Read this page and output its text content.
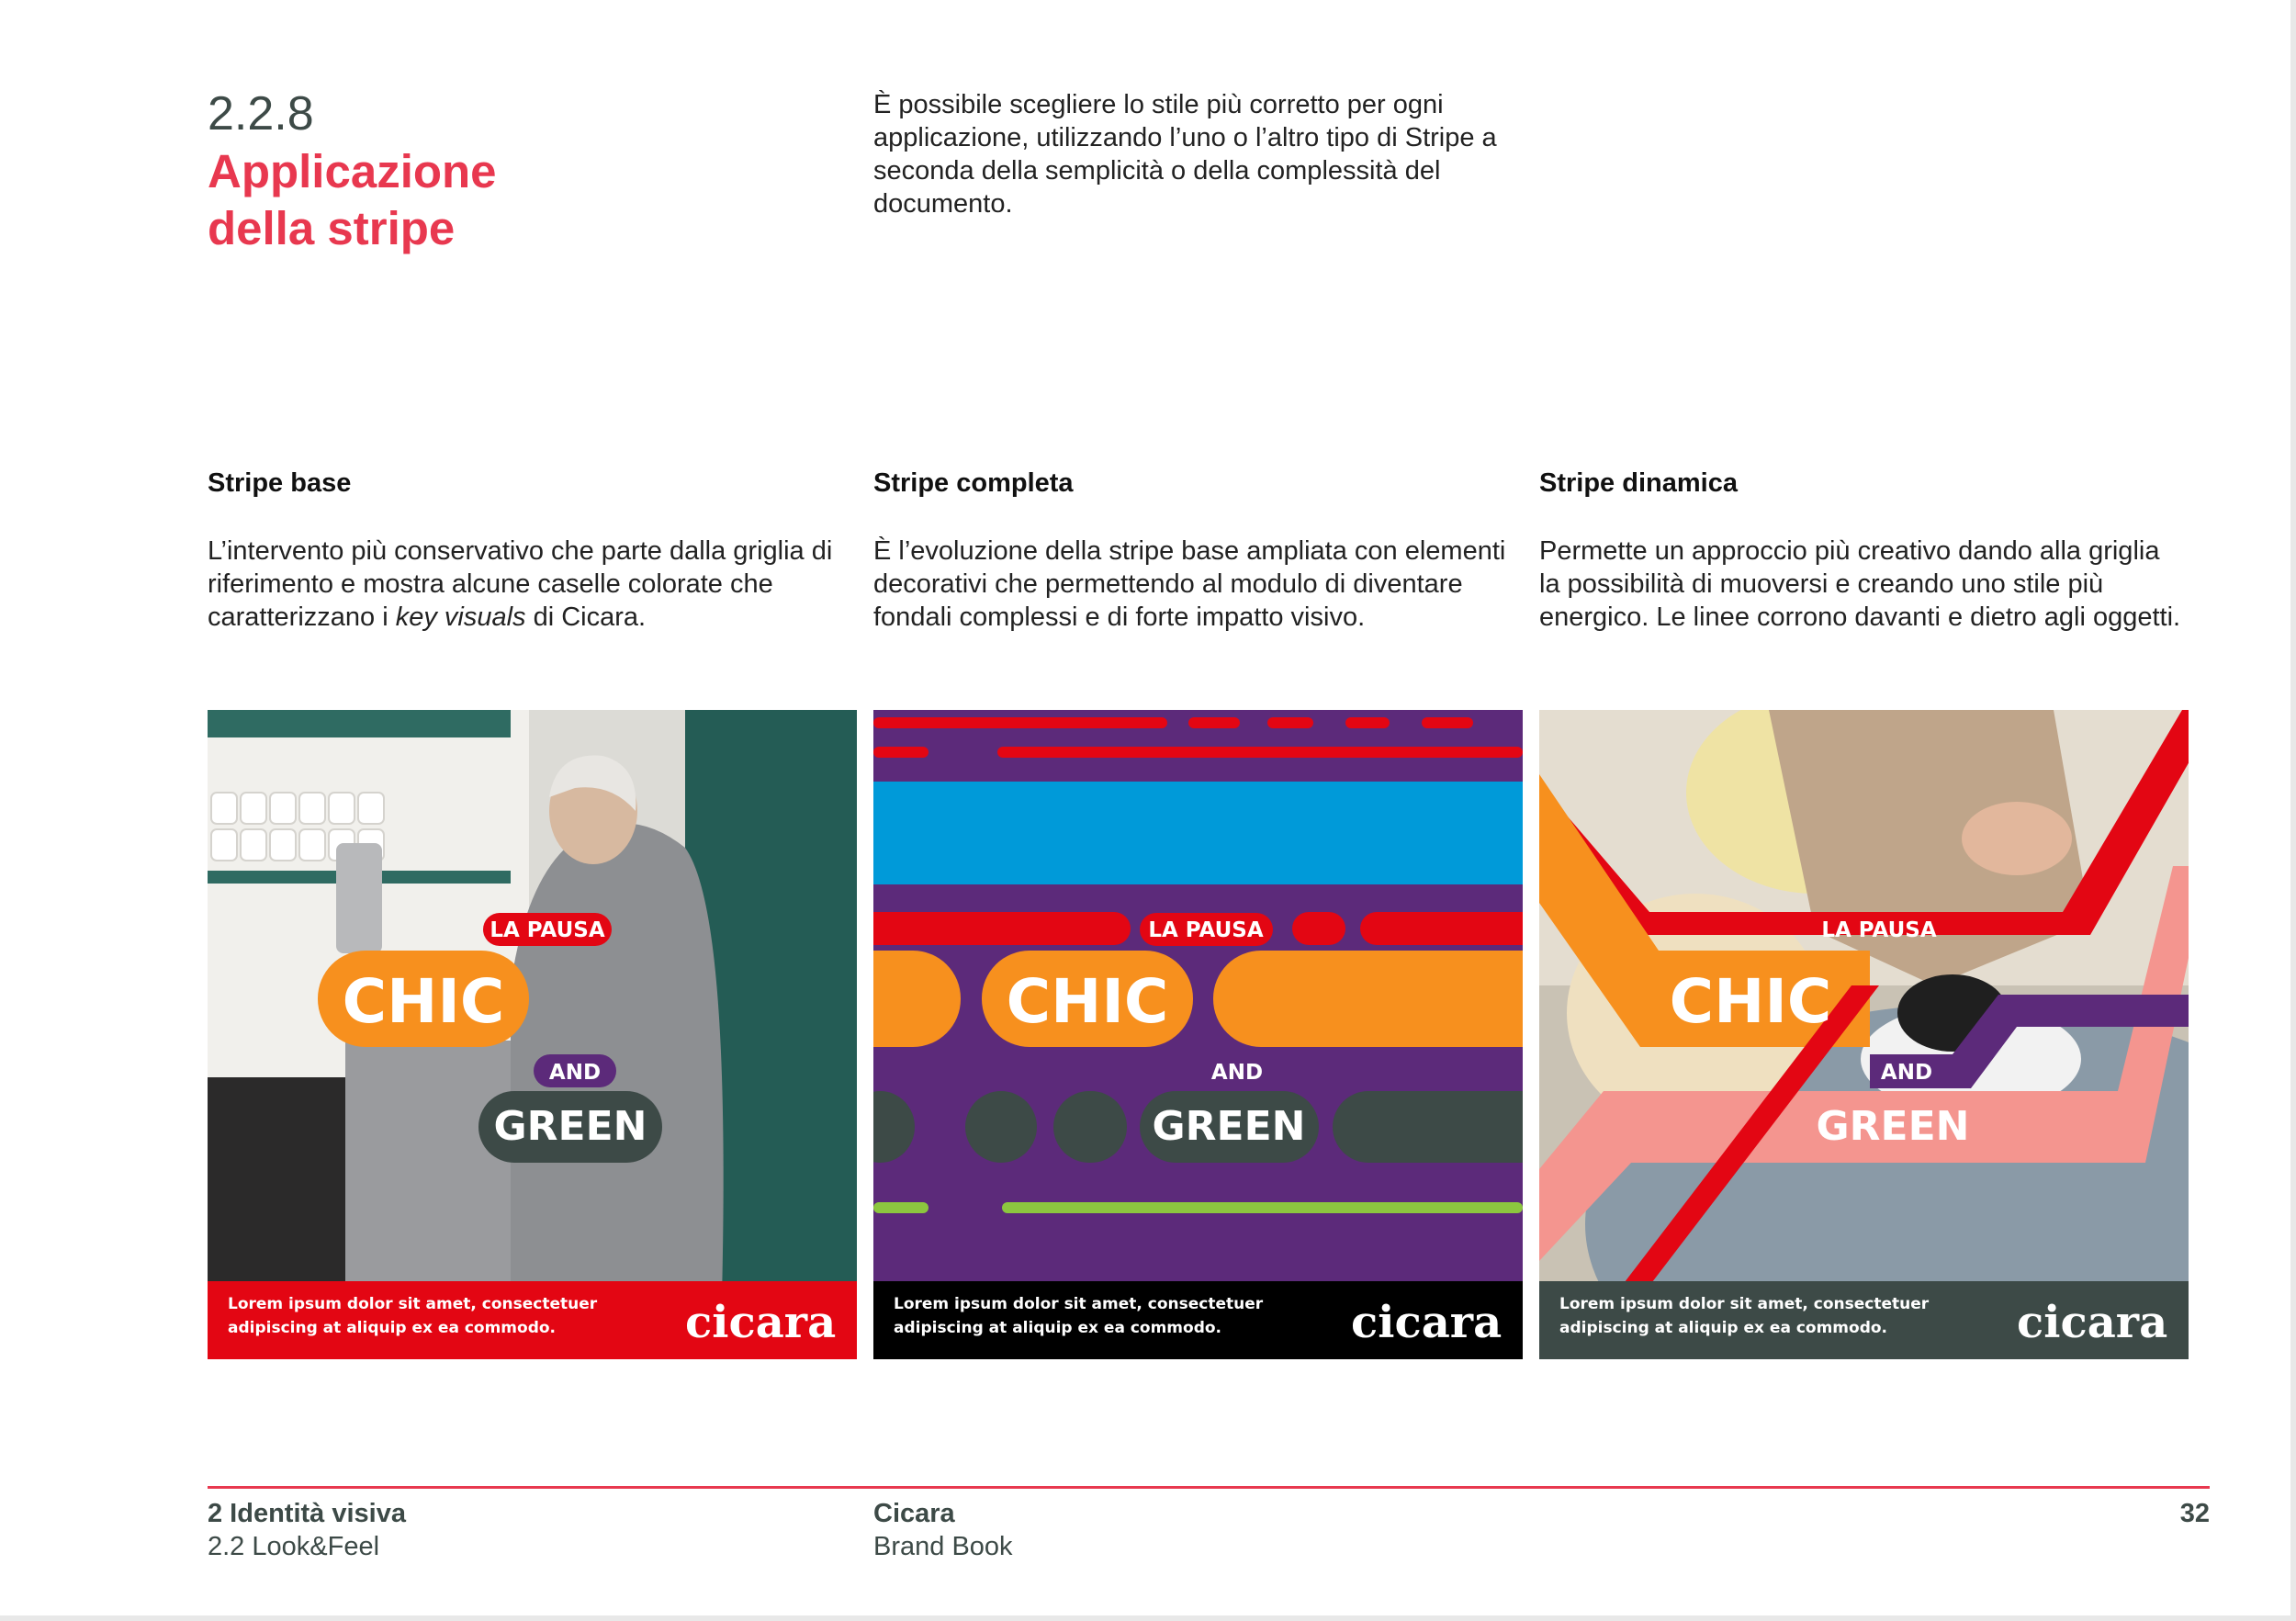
2.2.8
Applicazione
della stripe
È possibile scegliere lo stile più corretto per ogni applicazione, utilizzando l’uno o l’altro tipo di Stripe a seconda della semplicità o della complessità del documento.
Stripe base
L’intervento più conservativo che parte dalla griglia di riferimento e mostra alcune caselle colorate che caratterizzano i key visuals di Cicara.
Stripe completa
È l’evoluzione della stripe base ampliata con elementi decorativi che permettendo al modulo di diventare fondali complessi e di forte impatto visivo.
Stripe dinamica
Permette un approccio più creativo dando alla griglia la possibilità di muoversi e creando uno stile più energico. Le linee corrono davanti e dietro agli oggetti.
LA PAUSA
CHIC
AND
GREEN
Lorem ipsum dolor sit amet, consectetuer
adipiscing at aliquip ex ea commodo.	cicara
LA PAUSA
CHIC
AND
GREEN
Lorem ipsum dolor sit amet, consectetuer
adipiscing at aliquip ex ea commodo.	cicara
LA PAUSA
CHIC
AND
GREEN
Lorem ipsum dolor sit amet, consectetuer
adipiscing at aliquip ex ea commodo.	cicara
2 Identità visiva
2.2 Look&Feel
Cicara
Brand Book
32
